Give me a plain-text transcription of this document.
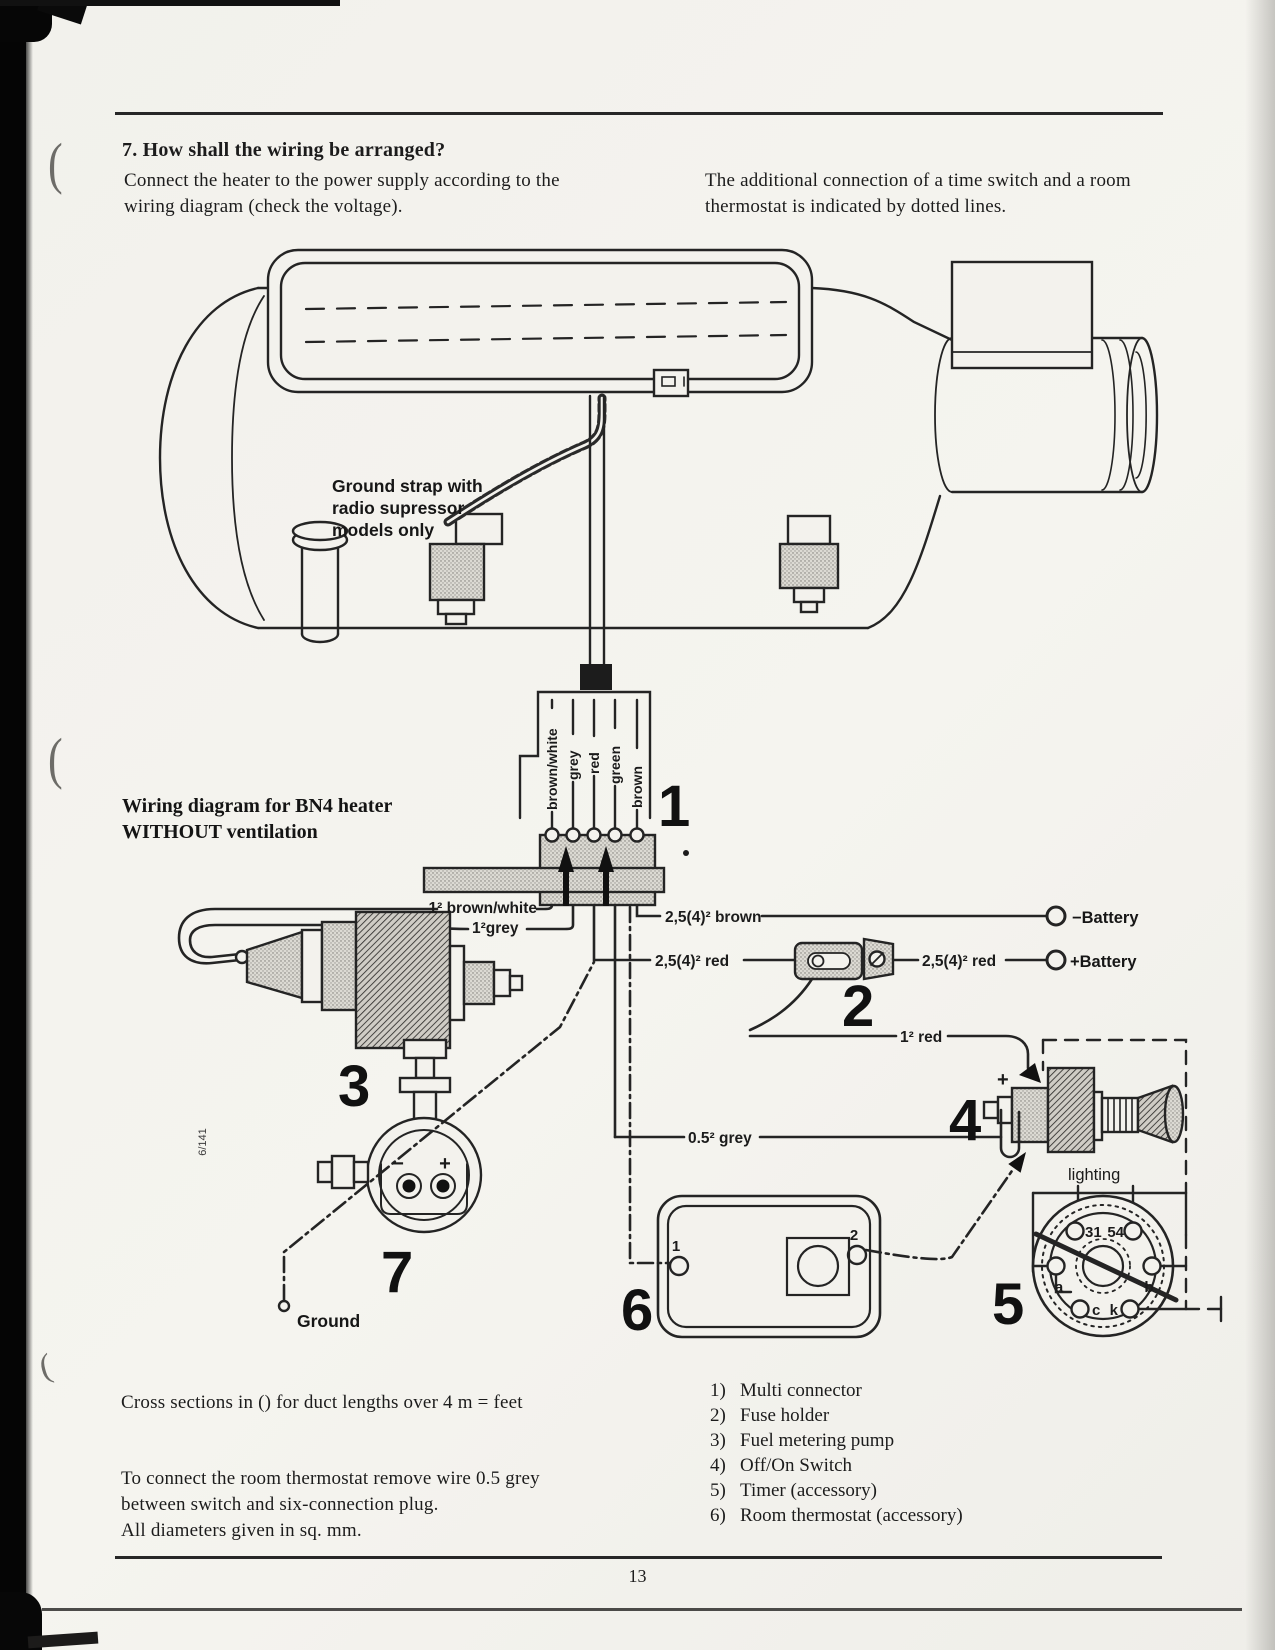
(
(
(
7. How shall the wiring be arranged?
Connect the heater to the power supply according to the
wiring diagram (check the voltage).
The additional connection of a time switch and a room
thermostat is indicated by dotted lines.
Ground strap with
radio supressor
models only
Wiring diagram for BN4 heater
WITHOUT ventilation
brown/white grey red green
brown
1² brown/white
1²grey
2,5(4)² brown
2,5(4)² red	2,5(4)² red
1² red
0.5² grey
−Battery
+Battery
+
− +
Ground
lighting
31 54
a	b
c k
1
2
1
2
3
4
5
6
7
6/141
Cross sections in () for duct lengths over 4 m = feet
To connect the room thermostat remove wire 0.5 grey
between switch and six-connection plug.
All diameters given in sq. mm.
1) Multi connector
2) Fuse holder
3) Fuel metering pump
4) Off/On Switch
5) Timer (accessory)
6) Room thermostat (accessory)
13
